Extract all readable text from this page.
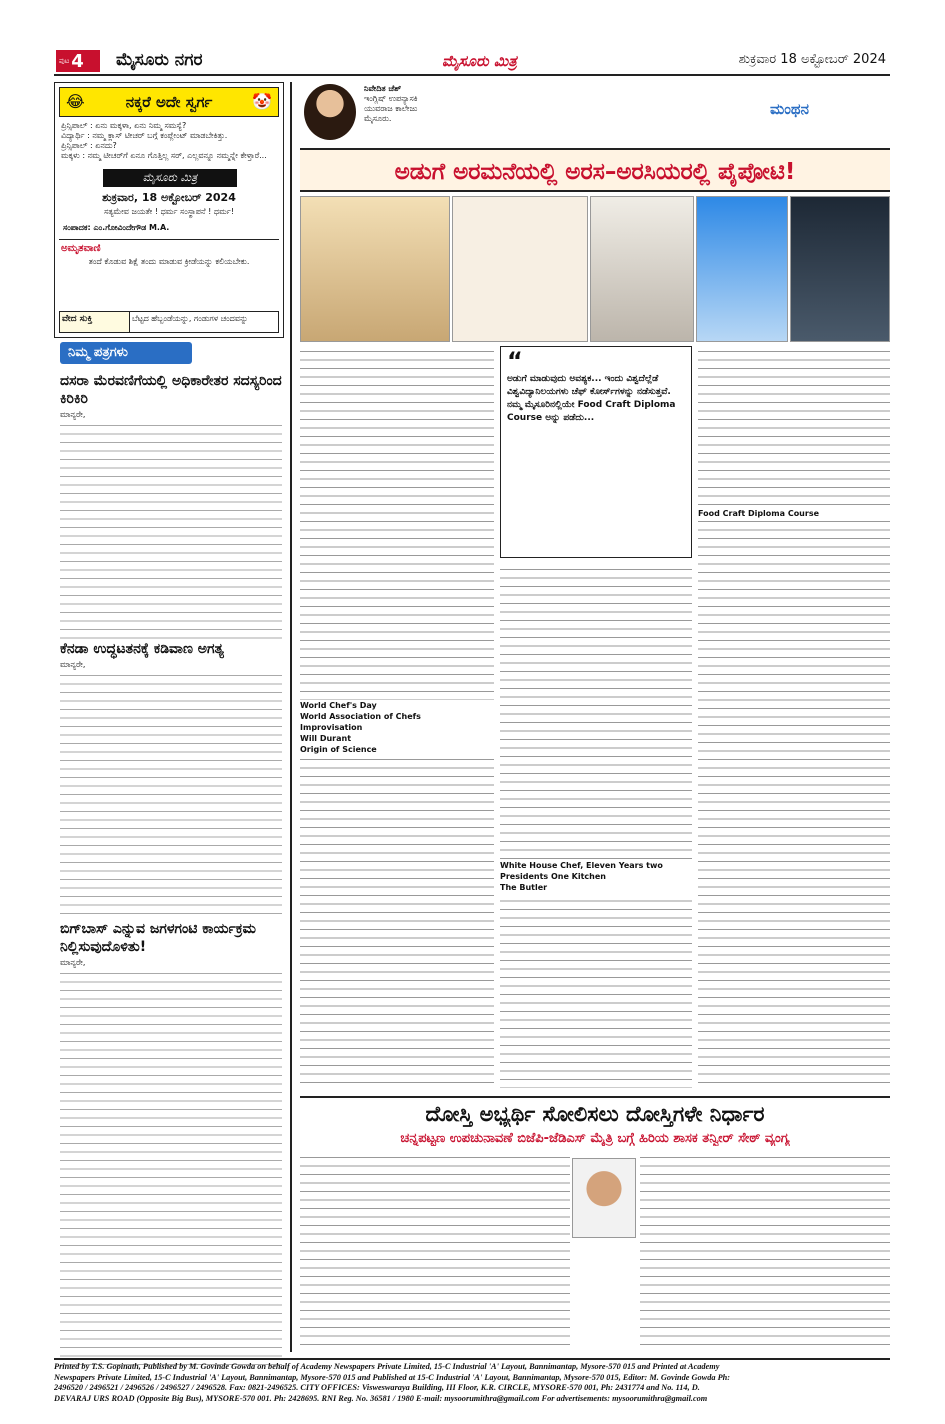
ಪುಟ 4 ಮೈಸೂರು ನಗರ	ಮೈಸೂರು ಮಿತ್ರ	ಶುಕ್ರವಾರ 18 ಅಕ್ಟೋಬರ್ 2024
😂	ನಕ್ಕರೆ ಅದೇ ಸ್ವರ್ಗ 🤡
ಪ್ರಿನ್ಸಿಪಾಲ್ : ಏನು ಮಕ್ಕಳಾ, ಏನು ನಿಮ್ಮ ಸಮಸ್ಯೆ?
ವಿದ್ಯಾರ್ಥಿ : ನಮ್ಮ ಕ್ಲಾಸ್ ಟೀಚರ್ ಬಗ್ಗೆ ಕಂಪ್ಲೇಂಟ್ ಮಾಡಬೇಕಿತ್ತು.
ಪ್ರಿನ್ಸಿಪಾಲ್ : ಏನದು?
ಮಕ್ಕಳು : ನಮ್ಮ ಟೀಚರ್‌ಗೆ ಏನೂ ಗೊತ್ತಿಲ್ಲ ಸರ್, ಎಲ್ಲವನ್ನೂ ನಮ್ಮನ್ನೇ ಕೇಳ್ತಾರೆ...
ಮೈಸೂರು ಮಿತ್ರ
ಶುಕ್ರವಾರ, 18 ಅಕ್ಟೋಬರ್ 2024
ಸತ್ಯಮೇವ ಜಯತೇ ! ಧರ್ಮ ಸಂಸ್ಥಾಪನೆ ! ಧರ್ಮ!
ಸಂಪಾದಕ: ಎಂ.ಗೋವಿಂದೇಗೌಡ M.A.
ಅಮೃತವಾಣಿ
ತಂದೆ ಕೊಡುವ ಶಿಕ್ಷೆ ತಂದು ಮಾಡುವ ಕ್ರೀಡೆಯನ್ನು ಕಲಿಯಬೇಕು.
ವೇದ ಸುಕ್ತಿ	ಬೆಟ್ಟದ ಹೆಬ್ಬಂಡೆಯನ್ನು, ಗಂಡುಗಳ ಚಂದವನ್ನು
ನಿಮ್ಮ ಪತ್ರಗಳು
ದಸರಾ ಮೆರವಣಿಗೆಯಲ್ಲಿ ಅಧಿಕಾರೇತರ ಸದಸ್ಯರಿಂದ ಕಿರಿಕಿರಿ
ಮಾನ್ಯರೇ,
ಕೆನಡಾ ಉದ್ಧಟತನಕ್ಕೆ ಕಡಿವಾಣ ಅಗತ್ಯ
ಮಾನ್ಯರೇ,
ಬಿಗ್‌ಬಾಸ್ ಎನ್ನುವ ಜಗಳಗಂಟಿ ಕಾರ್ಯಕ್ರಮ ನಿಲ್ಲಿಸುವುದೊಳಿತು!
ಮಾನ್ಯರೇ,
ನಿವೇದಿತ ಚೆಶ್
ಇಂಗ್ಲಿಷ್ ಉಪನ್ಯಾಸಕಿ
ಯುವರಾಜ ಕಾಲೇಜು
ಮೈಸೂರು.
ಮಂಥನ
ಅಡುಗೆ ಅರಮನೆಯಲ್ಲಿ ಅರಸ–ಅರಸಿಯರಲ್ಲಿ ಪೈಪೋಟಿ!
“
ಅಡುಗೆ ಮಾಡುವುದು ಅವಶ್ಯಕ... ಇಂದು ವಿಶ್ವದೆಲ್ಲೆಡೆ ವಿಶ್ವವಿದ್ಯಾನಿಲಯಗಳು ಚೆಫ್ ಕೋರ್ಸ್‌ಗಳನ್ನು ನಡೆಸುತ್ತವೆ. ನಮ್ಮ ಮೈಸೂರಿನಲ್ಲಿಯೇ Food Craft Diploma Course ಅನ್ನು ಪಡೆದು...
World Chef's Day
World Association of Chefs
Improvisation
Will Durant
Origin of Science
Food Craft Diploma Course
White House Chef, Eleven Years two Presidents One Kitchen
The Butler
ದೋಸ್ತಿ ಅಭ್ಯರ್ಥಿ ಸೋಲಿಸಲು ದೋಸ್ತಿಗಳೇ ನಿರ್ಧಾರ
ಚನ್ನಪಟ್ಟಣ ಉಪಚುನಾವಣೆ ಬಿಜೆಪಿ-ಜೆಡಿಎಸ್ ಮೈತ್ರಿ ಬಗ್ಗೆ ಹಿರಿಯ ಶಾಸಕ ತನ್ವೀರ್ ಸೇಠ್ ವ್ಯಂಗ್ಯ
Printed by T.S. Gopinath, Published by M. Govinde Gowda on behalf of Academy Newspapers Private Limited, 15-C Industrial 'A' Layout, Bannimantap, Mysore-570 015 and Printed at Academy
Newspapers Private Limited, 15-C Industrial 'A' Layout, Bannimantap, Mysore-570 015 and Published at 15-C Industrial 'A' Layout, Bannimantap, Mysore-570 015, Editor: M. Govinde Gowda Ph:
2496520 / 2496521 / 2496526 / 2496527 / 2496528. Fax: 0821-2496525. CITY OFFICES: Visweswaraya Building, III Floor, K.R. CIRCLE, MYSORE-570 001, Ph: 2431774 and No. 114, D.
DEVARAJ URS ROAD (Opposite Big Bus), MYSORE-570 001. Ph: 2428695. RNI Reg. No. 36581 / 1980 E-mail: mysoorumithra@gmail.com For advertisements: mysoorumithra@gmail.com
